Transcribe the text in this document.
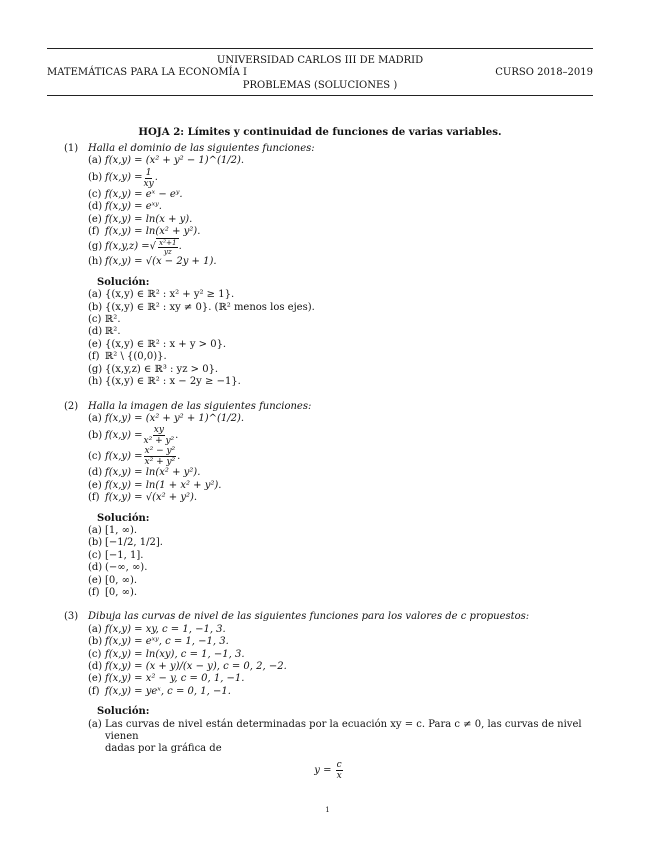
UNIVERSIDAD CARLOS III DE MADRID
MATEMÁTICAS PARA LA ECONOMÍA I	CURSO 2018–2019
PROBLEMAS (SOLUCIONES )
HOJA 2: Límites y continuidad de funciones de varias variables.
(1) Halla el dominio de las siguientes funciones:
(a) f(x,y) = (x² + y² − 1)^(1/2).
(b) $f(x,y) = \frac{1}{xy}$ .
(c) f(x,y) = eˣ − eʸ.
(d) f(x,y) = eˣʸ.
(e) f(x,y) = ln(x + y).
(f) f(x,y) = ln(x² + y²).
(g) f(x,y,z) = √ $\frac{\text{x²+1}}{yz}$ .
(h) f(x,y) = √(x − 2y + 1).
Solución:
(a) {(x,y) ∈ ℝ² : x² + y² ≥ 1}.
(b) {(x,y) ∈ ℝ² : xy ≠ 0}. (ℝ² menos los ejes).
(c) ℝ².
(d) ℝ².
(e) {(x,y) ∈ ℝ² : x + y > 0}.
(f) ℝ² \ {(0,0)}.
(g) {(x,y,z) ∈ ℝ³ : yz > 0}.
(h) {(x,y) ∈ ℝ² : x − 2y ≥ −1}.
(2) Halla la imagen de las siguientes funciones:
(a) f(x,y) = (x² + y² + 1)^(1/2).
(b) $f(x,y) = \frac{xy}{\text{x² + y²}}$ .
(c) $f(x,y) = \frac{\text{x² − y²}}{\text{x² + y²}}$ .
(d) f(x,y) = ln(x² + y²).
(e) f(x,y) = ln(1 + x² + y²).
(f) f(x,y) = √(x² + y²).
Solución:
(a) [1, ∞).
(b) [−1/2, 1/2].
(c) [−1, 1].
(d) (−∞, ∞).
(e) [0, ∞).
(f) [0, ∞).
(3) Dibuja las curvas de nivel de las siguientes funciones para los valores de c propuestos:
(a) f(x,y) = xy, c = 1, −1, 3.
(b) f(x,y) = eˣʸ, c = 1, −1, 3.
(c) f(x,y) = ln(xy), c = 1, −1, 3.
(d) f(x,y) = (x + y)/(x − y), c = 0, 2, −2.
(e) f(x,y) = x² − y, c = 0, 1, −1.
(f) f(x,y) = yeˣ, c = 0, 1, −1.
Solución:
(a) Las curvas de nivel están determinadas por la ecuación xy = c. Para c ≠ 0, las curvas de nivel vienen
dadas por la gráfica de
$y = \frac{c}{x}$
1
